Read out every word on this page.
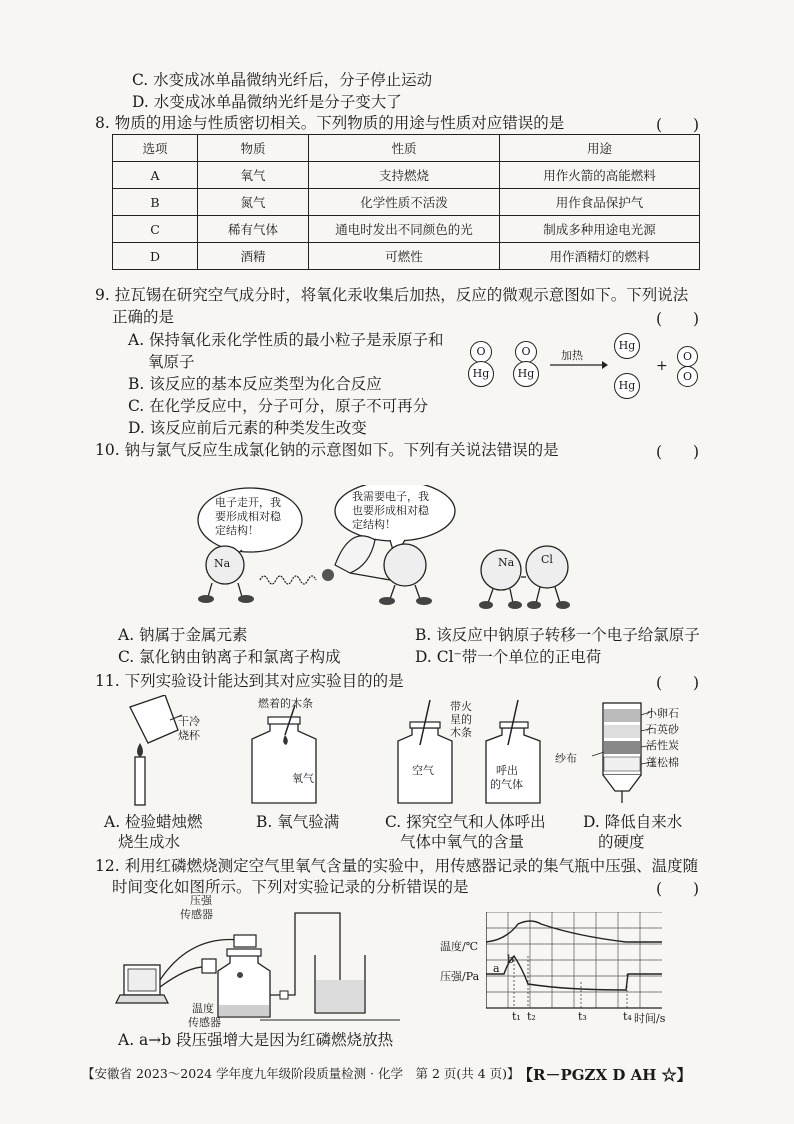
C. 水变成冰单晶微纳光纤后，分子停止运动
D. 水变成冰单晶微纳光纤是分子变大了
8. 物质的用途与性质密切相关。下列物质的用途与性质对应错误的是	(　　)
选项	物质	性质	用途
A	氧气	支持燃烧	用作火箭的高能燃料
B	氮气	化学性质不活泼	用作食品保护气
C	稀有气体	通电时发出不同颜色的光	制成多种用途电光源
D	酒精	可燃性	用作酒精灯的燃料
9. 拉瓦锡在研究空气成分时，将氧化汞收集后加热，反应的微观示意图如下。下列说法
正确的是	(　　)
A. 保持氧化汞化学性质的最小粒子是汞原子和
氧原子
B. 该反应的基本反应类型为化合反应
C. 在化学反应中，分子可分，原子不可再分
D. 该反应前后元素的种类发生改变
O
Hg
O
Hg
加热
Hg
Hg
+
O
O
10. 钠与氯气反应生成氯化钠的示意图如下。下列有关说法错误的是	(　　)
电子走开，我
要形成相对稳
定结构！
我需要电子，我
也要形成相对稳
定结构！
Na	Na Cl
A. 钠属于金属元素	B. 该反应中钠原子转移一个电子给氯原子
C. 氯化钠由钠离子和氯离子构成	D. Cl⁻带一个单位的正电荷
11. 下列实验设计能达到其对应实验目的的是	(　　)
干冷
烧杯
燃着的木条
氧气
带火
星的
木条
空气	呼出
的气体
小卵石
石英砂
活性炭
蓬松棉
纱布
A. 检验蜡烛燃
烧生成水
B. 氧气验满	C. 探究空气和人体呼出
气体中氧气的含量
D. 降低自来水
的硬度
12. 利用红磷燃烧测定空气里氧气含量的实验中，用传感器记录的集气瓶中压强、温度随
时间变化如图所示。下列对实验记录的分析错误的是	(　　)
压强
传感器
温度
传感器
温度/℃
压强/Pa
a
b
t₁ t₂	t₃	t₄ 时间/s
A. a→b 段压强增大是因为红磷燃烧放热
【安徽省 2023～2024 学年度九年级阶段质量检测 · 化学　第 2 页(共 4 页)】
【R－PGZX D AH ☆】
